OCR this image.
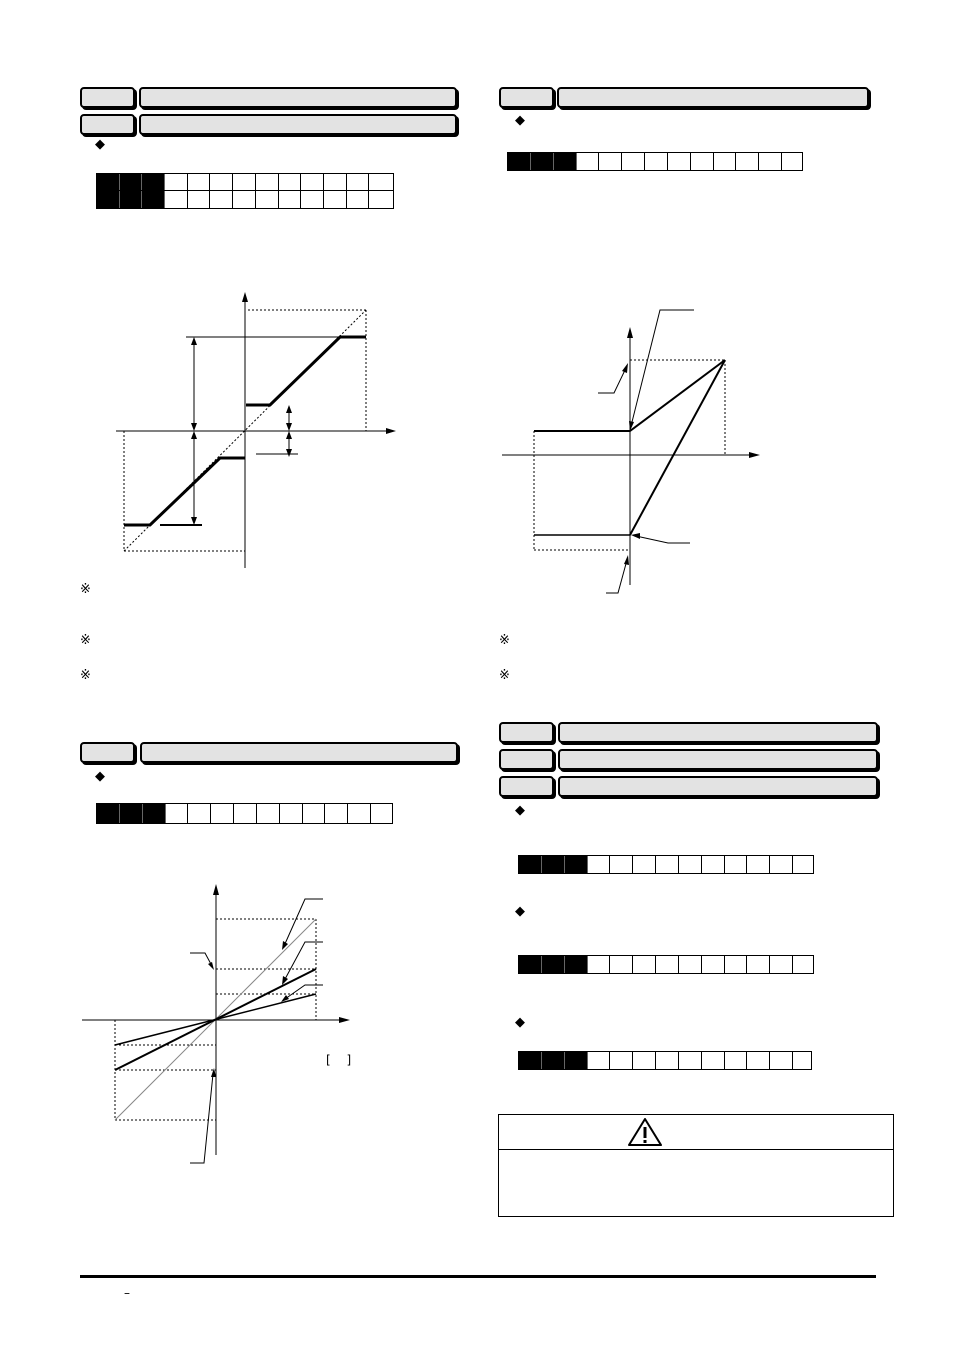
◆
※
※
※
◆
[ ]
◆
※
※
◆
◆
◆
–
